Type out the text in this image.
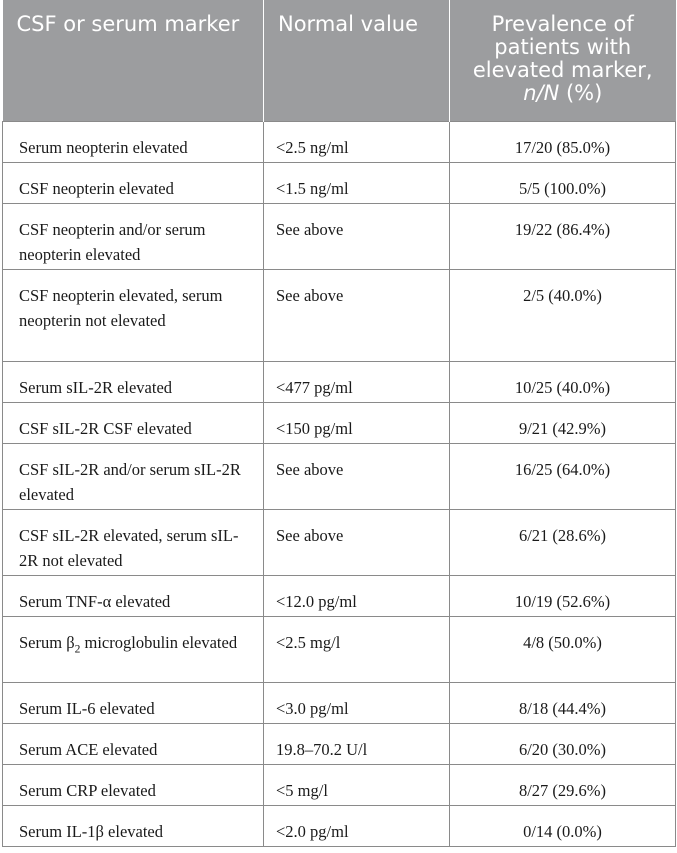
CSF or serum marker	Normal value	Prevalence of patients with elevated marker, n/N (%)
Serum neopterin elevated	<2.5 ng/ml	17/20 (85.0%)
CSF neopterin elevated	<1.5 ng/ml	5/5 (100.0%)
CSF neopterin and/or serum neopterin elevated	See above	19/22 (86.4%)
CSF neopterin elevated, serum neopterin not elevated	See above	2/5 (40.0%)
Serum sIL-2R elevated	<477 pg/ml	10/25 (40.0%)
CSF sIL-2R CSF elevated	<150 pg/ml	9/21 (42.9%)
CSF sIL-2R and/or serum sIL-2R elevated	See above	16/25 (64.0%)
CSF sIL-2R elevated, serum sIL-2R not elevated	See above	6/21 (28.6%)
Serum TNF-α elevated	<12.0 pg/ml	10/19 (52.6%)
Serum $\beta_2$ microglobulin elevated	<2.5 mg/l	4/8 (50.0%)
Serum IL-6 elevated	<3.0 pg/ml	8/18 (44.4%)
Serum ACE elevated	19.8–70.2 U/l	6/20 (30.0%)
Serum CRP elevated	<5 mg/l	8/27 (29.6%)
Serum IL-1β elevated	<2.0 pg/ml	0/14 (0.0%)
